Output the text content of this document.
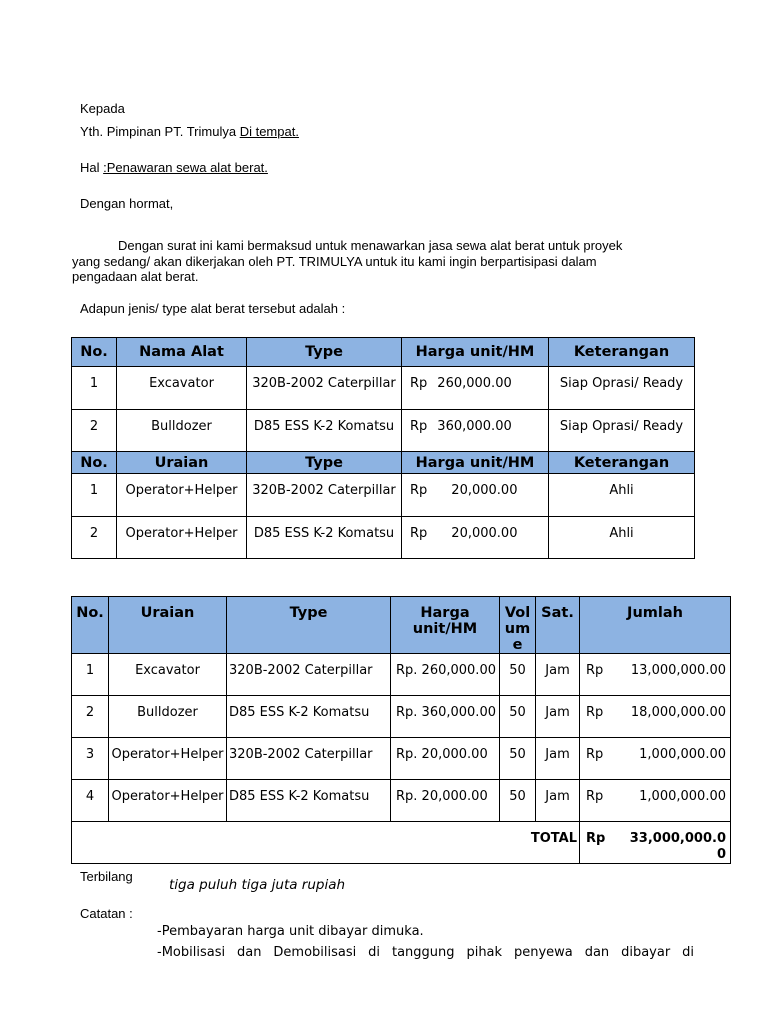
Kepada
Yth. Pimpinan PT. Trimulya Di tempat.
Hal :Penawaran sewa alat berat.
Dengan hormat,
Dengan surat ini kami bermaksud untuk menawarkan jasa sewa alat berat untuk proyek
yang sedang/ akan dikerjakan oleh PT. TRIMULYA untuk itu kami ingin berpartisipasi dalam
pengadaan alat berat.
Adapun jenis/ type alat berat tersebut adalah :
No.	Nama Alat	Type	Harga unit/HM	Keterangan
1	Excavator	320B-2002 Caterpillar	Rp 260,000.00	Siap Oprasi/ Ready
2	Bulldozer	D85 ESS K-2 Komatsu	Rp 360,000.00	Siap Oprasi/ Ready
No.	Uraian	Type	Harga unit/HM	Keterangan
1	Operator+Helper	320B-2002 Caterpillar	Rp 20,000.00	Ahli
2	Operator+Helper	D85 ESS K-2 Komatsu	Rp 20,000.00	Ahli
No.	Uraian	Type	Harga unit/HM	Volume	Sat.	Jumlah
1	Excavator	320B-2002 Caterpillar	Rp. 260,000.00	50	Jam	Rp 13,000,000.00

2	Bulldozer	D85 ESS K-2 Komatsu	Rp. 360,000.00	50	Jam	Rp 18,000,000.00

3	Operator+Helper	320B-2002 Caterpillar	Rp. 20,000.00	50	Jam	Rp 1,000,000.00

4	Operator+Helper	D85 ESS K-2 Komatsu	Rp. 20,000.00	50	Jam	Rp 1,000,000.00

TOTAL						Rp 33,000,000.00
Terbilang
tiga puluh tiga juta rupiah
Catatan :
-Pembayaran harga unit dibayar dimuka.
-Mobilisasi dan Demobilisasi di tanggung pihak penyewa dan dibayar di
